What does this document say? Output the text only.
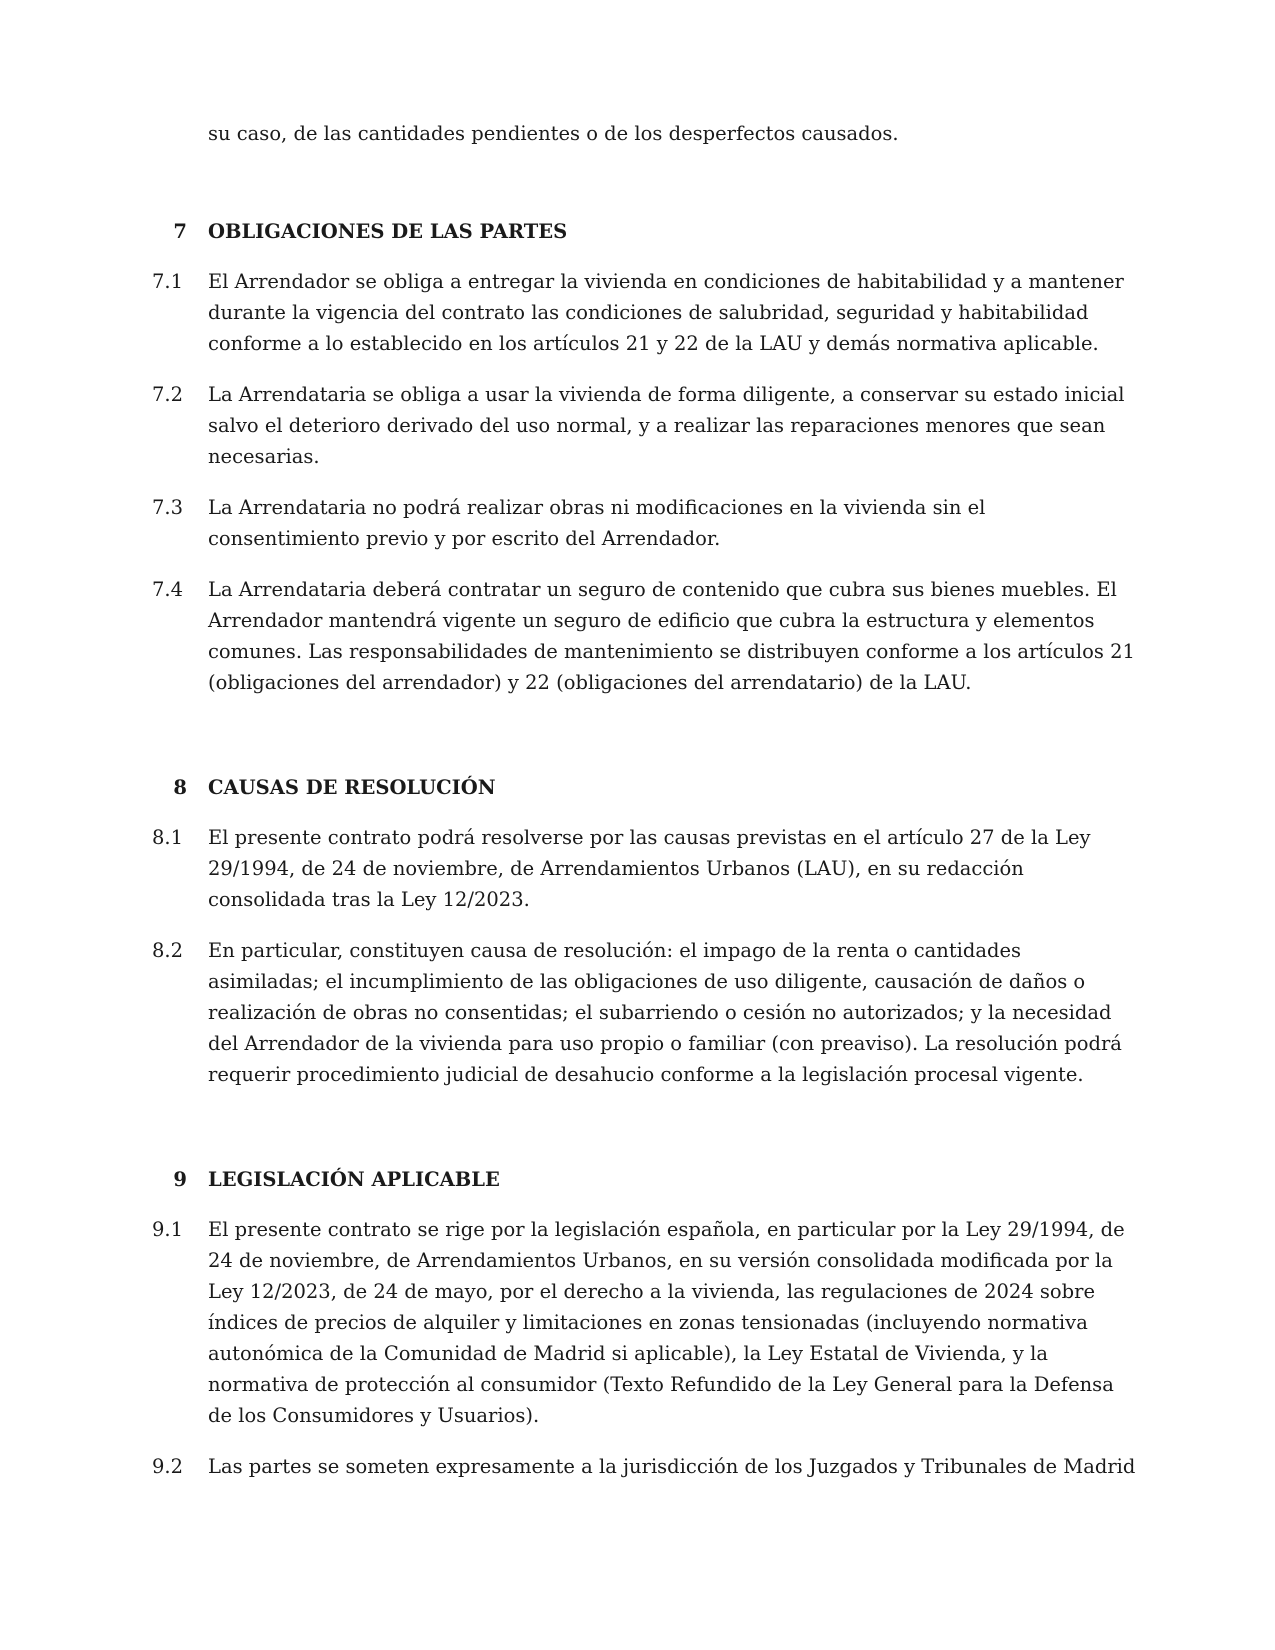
su caso, de las cantidades pendientes o de los desperfectos causados.

7 OBLIGACIONES DE LAS PARTES
7.1	El Arrendador se obliga a entregar la vivienda en condiciones de habitabilidad y a mantener durante la vigencia del contrato las condiciones de salubridad, seguridad y habitabilidad conforme a lo establecido en los artículos 21 y 22 de la LAU y demás normativa aplicable.
7.2	La Arrendataria se obliga a usar la vivienda de forma diligente, a conservar su estado inicial salvo el deterioro derivado del uso normal, y a realizar las reparaciones menores que sean necesarias.
7.3	La Arrendataria no podrá realizar obras ni modificaciones en la vivienda sin el consentimiento previo y por escrito del Arrendador.
7.4	La Arrendataria deberá contratar un seguro de contenido que cubra sus bienes muebles. El Arrendador mantendrá vigente un seguro de edificio que cubra la estructura y elementos comunes. Las responsabilidades de mantenimiento se distribuyen conforme a los artículos 21 (obligaciones del arrendador) y 22 (obligaciones del arrendatario) de la LAU.
8 CAUSAS DE RESOLUCIÓN
8.1	El presente contrato podrá resolverse por las causas previstas en el artículo 27 de la Ley 29/1994, de 24 de noviembre, de Arrendamientos Urbanos (LAU), en su redacción consolidada tras la Ley 12/2023.
8.2	En particular, constituyen causa de resolución: el impago de la renta o cantidades asimiladas; el incumplimiento de las obligaciones de uso diligente, causación de daños o realización de obras no consentidas; el subarriendo o cesión no autorizados; y la necesidad del Arrendador de la vivienda para uso propio o familiar (con preaviso). La resolución podrá requerir procedimiento judicial de desahucio conforme a la legislación procesal vigente.
9 LEGISLACIÓN APLICABLE
9.1	El presente contrato se rige por la legislación española, en particular por la Ley 29/1994, de 24 de noviembre, de Arrendamientos Urbanos, en su versión consolidada modificada por la Ley 12/2023, de 24 de mayo, por el derecho a la vivienda, las regulaciones de 2024 sobre índices de precios de alquiler y limitaciones en zonas tensionadas (incluyendo normativa autonómica de la Comunidad de Madrid si aplicable), la Ley Estatal de Vivienda, y la normativa de protección al consumidor (Texto Refundido de la Ley General para la Defensa de los Consumidores y Usuarios).
9.2	Las partes se someten expresamente a la jurisdicción de los Juzgados y Tribunales de Madrid
